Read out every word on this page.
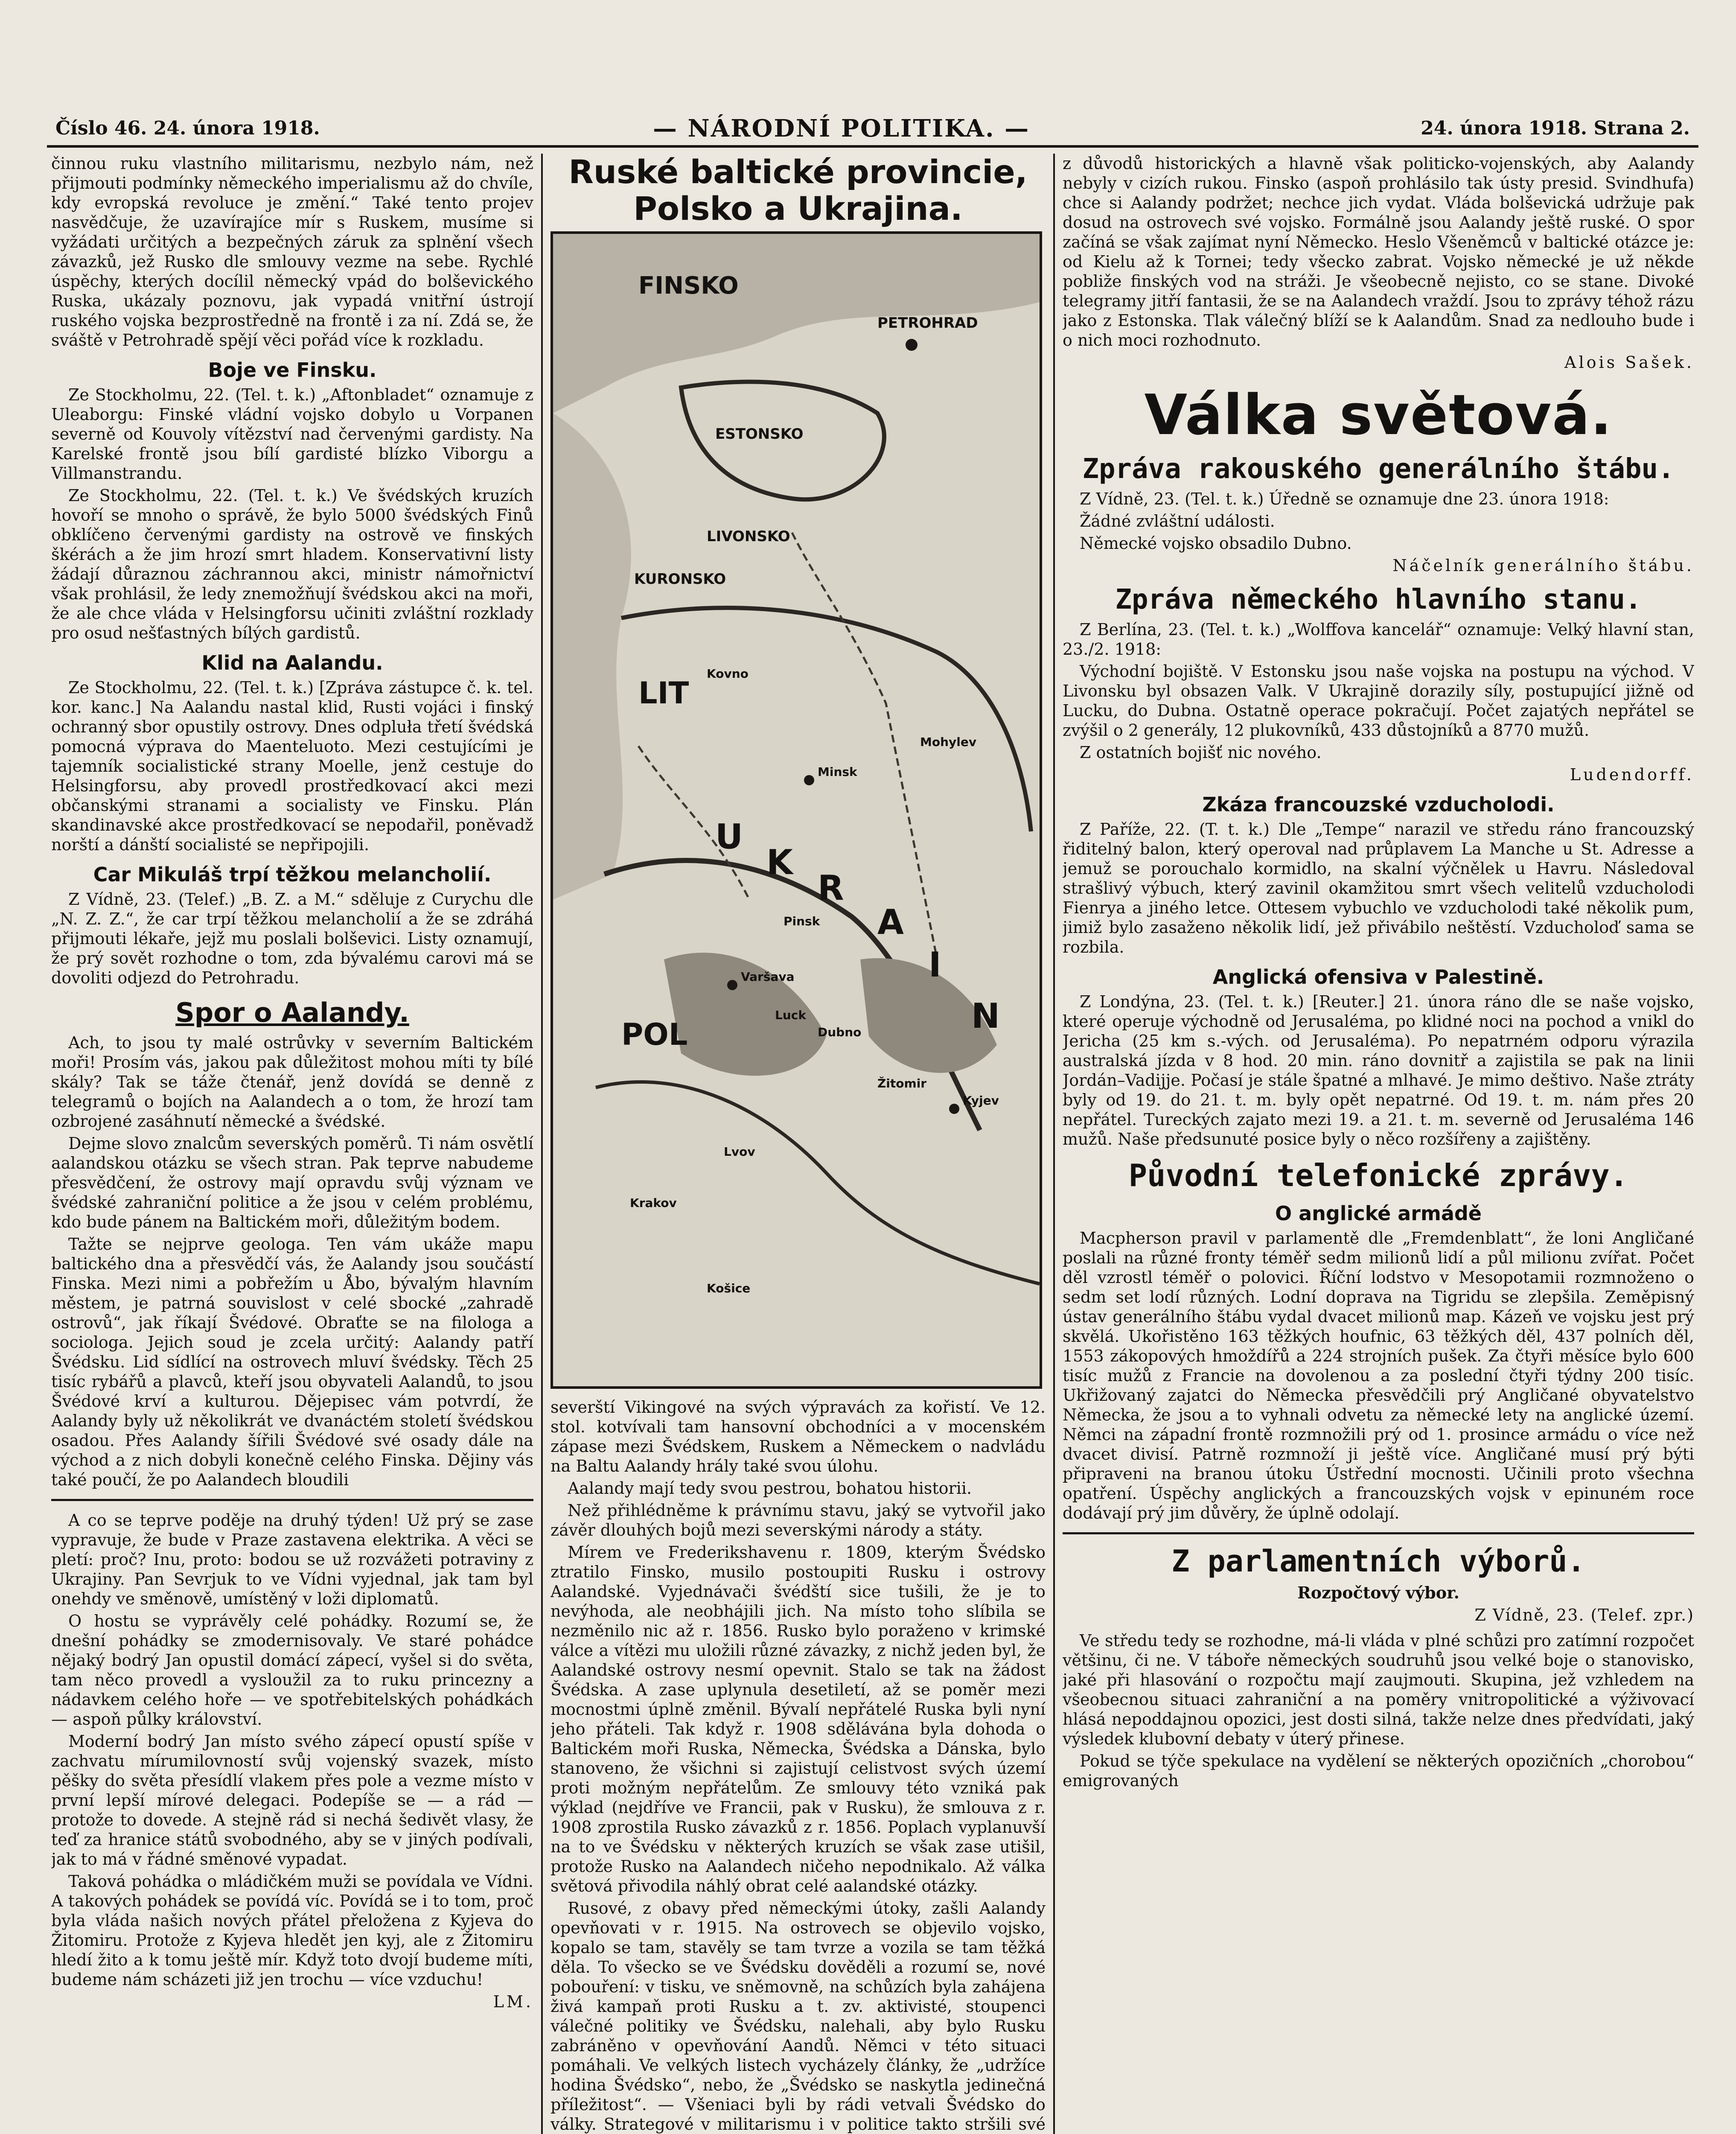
Číslo 46. 24. února 1918.	— NÁRODNÍ POLITIKA. —	24. února 1918. Strana 2.

činnou ruku vlastního militarismu, nezbylo nám, než přijmouti podmínky německého imperialismu až do chvíle, kdy evropská revoluce je změní.“ Také tento projev nasvědčuje, že uzavírajíce mír s Ruskem, musíme si vyžádati určitých a bezpečných záruk za splnění všech závazků, jež Rusko dle smlouvy vezme na sebe. Rychlé úspěchy, kterých docílil německý vpád do bolševického Ruska, ukázaly poznovu, jak vypadá vnitřní ústrojí ruského vojska bezprostředně na frontě i za ní. Zdá se, že sváště v Petrohradě spějí věci pořád více k rozkladu.

Boje ve Finsku.

Ze Stockholmu, 22. (Tel. t. k.) „Aftonbladet“ oznamuje z Uleaborgu: Finské vládní vojsko dobylo u Vorpanen severně od Kouvoly vítězství nad červenými gardisty. Na Karelské frontě jsou bílí gardisté blízko Viborgu a Villmanstrandu.

Ze Stockholmu, 22. (Tel. t. k.) Ve švédských kruzích hovoří se mnoho o správě, že bylo 5000 švédských Finů obklíčeno červenými gardisty na ostrově ve finských škérách a že jim hrozí smrt hladem. Konservativní listy žádají důraznou záchrannou akci, ministr námořnictví však prohlásil, že ledy znemožňují švédskou akci na moři, že ale chce vláda v Helsingforsu učiniti zvláštní rozklady pro osud nešťastných bílých gardistů.

Klid na Aalandu.

Ze Stockholmu, 22. (Tel. t. k.) [Zpráva zástupce č. k. tel. kor. kanc.] Na Aalandu nastal klid, Rusti vojáci i finský ochranný sbor opustily ostrovy. Dnes odpluła třetí švédská pomocná výprava do Maenteluoto. Mezi cestujícími je tajemník socialistické strany Moelle, jenž cestuje do Helsingforsu, aby provedl prostředkovací akci mezi občanskými stranami a socialisty ve Finsku. Plán skandinavské akce prostředkovací se nepodařil, poněvadž norští a dánští socialisté se nepřipojili.

Car Mikuláš trpí těžkou melancholií.

Z Vídně, 23. (Telef.) „B. Z. a M.“ sděluje z Curychu dle „N. Z. Z.“, že car trpí těžkou melancholií a že se zdráhá přijmouti lékaře, jejž mu poslali bolševici. Listy oznamují, že prý sovět rozhodne o tom, zda bývalému carovi má se dovoliti odjezd do Petrohradu.

Spor o Aalandy.

Ach, to jsou ty malé ostrůvky v severním Baltickém moři! Prosím vás, jakou pak důležitost mohou míti ty bílé skály? Tak se táže čtenář, jenž dovídá se denně z telegramů o bojích na Aalandech a o tom, že hrozí tam ozbrojené zasáhnutí německé a švédské.

Dejme slovo znalcům severských poměrů. Ti nám osvětlí aalandskou otázku se všech stran. Pak teprve nabudeme přesvědčení, že ostrovy mají opravdu svůj význam ve švédské zahraniční politice a že jsou v celém problému, kdo bude pánem na Baltickém moři, důležitým bodem.

Tažte se nejprve geologa. Ten vám ukáže mapu baltického dna a přesvědčí vás, že Aalandy jsou součástí Finska. Mezi nimi a pobřežím u Åbo, bývalým hlavním městem, je patrná souvislost v celé sbocké „zahradě ostrovů“, jak říkají Švédové. Obraťte se na filologa a sociologa. Jejich soud je zcela určitý: Aalandy patří Švédsku. Lid sídlící na ostrovech mluví švédsky. Těch 25 tisíc rybářů a plavců, kteří jsou obyvateli Aalandů, to jsou Švédové krví a kulturou. Dějepisec vám potvrdí, že Aalandy byly už několikrát ve dvanáctém století švédskou osadou. Přes Aalandy šířili Švédové své osady dále na východ a z nich dobyli konečně celého Finska. Dějiny vás také poučí, že po Aalandech bloudili

A co se teprve poděje na druhý týden! Už prý se zase vypravuje, že bude v Praze zastavena elektrika. A věci se pletí: proč? Inu, proto: bodou se už rozvážeti potraviny z Ukrajiny. Pan Sevrjuk to ve Vídni vyjednal, jak tam byl onehdy ve směnově, umístěný v loži diplomatů.

O hostu se vyprávěly celé pohádky. Rozumí se, že dnešní pohádky se zmodernisovaly. Ve staré pohádce nějaký bodrý Jan opustil domácí zápecí, vyšel si do světa, tam něco provedl a vysloužil za to ruku princezny a nádavkem celého hoře — ve spotřebitelských pohádkách — aspoň půlky království.

Moderní bodrý Jan místo svého zápecí opustí spíše v zachvatu mírumilovností svůj vojenský svazek, místo pěšky do světa přesídlí vlakem přes pole a vezme místo v první lepší mírové delegaci. Podepíše se — a rád — protože to dovede. A stejně rád si nechá šedivět vlasy, že teď za hranice států svobodného, aby se v jiných podívali, jak to má v řádné směnové vypadat.

Taková pohádka o mládičkém muži se povídala ve Vídni. A takových pohádek se povídá víc. Povídá se i to tom, proč byla vláda našich nových přátel přeložena z Kyjeva do Žitomiru. Protože z Kyjeva hledět jen kyj, ale z Žitomiru hledí žito a k tomu ještě mír. Když toto dvojí budeme míti, budeme nám scházeti již jen trochu — více vzduchu!

LM.
Ruské baltické provincie,
Polsko a Ukrajina.
FINSKO
PETROHRAD
ESTONSKO
LIVONSKO
KURONSKO
LIT
POL
U
K
R
A
I
N
Kovno
Minsk
Pinsk
Mohylev
Žitomir
Kyjev
Varšava
Lvov
Krakov
Košice
Dubno
Luck

severští Vikingové na svých výpravách za kořistí. Ve 12. stol. kotvívali tam hansovní obchodníci a v mocenském zápase mezi Švédskem, Ruskem a Německem o nadvládu na Baltu Aalandy hrály také svou úlohu.

Aalandy mají tedy svou pestrou, bohatou historii.

Než přihlédněme k právnímu stavu, jaký se vytvořil jako závěr dlouhých bojů mezi severskými národy a státy.

Mírem ve Frederikshavenu r. 1809, kterým Švédsko ztratilo Finsko, musilo postoupiti Rusku i ostrovy Aalandské. Vyjednávači švédští sice tušili, že je to nevýhoda, ale neobhájili jich. Na místo toho slíbila se nezměnilo nic až r. 1856. Rusko bylo poraženo v krimské válce a vítězi mu uložili různé závazky, z nichž jeden byl, že Aalandské ostrovy nesmí opevnit. Stalo se tak na žádost Švédska. A zase uplynula desetiletí, až se poměr mezi mocnostmi úplně změnil. Bývalí nepřátelé Ruska byli nyní jeho přáteli. Tak když r. 1908 sdělávána byla dohoda o Baltickém moři Ruska, Německa, Švédska a Dánska, bylo stanoveno, že všichni si zajistují celistvost svých území proti možným nepřátelům. Ze smlouvy této vzniká pak výklad (nejdříve ve Francii, pak v Rusku), že smlouva z r. 1908 zprostila Rusko závazků z r. 1856. Poplach vyplanuvší na to ve Švédsku v některých kruzích se však zase utišil, protože Rusko na Aalandech ničeho nepodnikalo. Až válka světová přivodila náhlý obrat celé aalandské otázky.

Rusové, z obavy před německými útoky, zašli Aalandy opevňovati v r. 1915. Na ostrovech se objevilo vojsko, kopalo se tam, stavěly se tam tvrze a vozila se tam těžká děla. To všecko se ve Švédsku dověděli a rozumí se, nové pobouření: v tisku, ve sněmovně, na schůzích byla zahájena živá kampaň proti Rusku a t. zv. aktivisté, stoupenci válečné politiky ve Švédsku, nalehali, aby bylo Rusku zabráněno v opevňování Aandů. Němci v této situaci pomáhali. Ve velkých listech vycházely články, že „udržíce hodina Švédsko“, nebo, že „Švédsko se naskytla jedinečná příležitost“. — Všeniaci byli by rádi vetvali Švédsko do války. Strategové v militarismu i v politice takto stršili své

z důvodů historických a hlavně však politicko-vojenských, aby Aalandy nebyly v cizích rukou. Finsko (aspoň prohlásilo tak ústy presid. Svindhufa) chce si Aalandy podržet; nechce jich vydat. Vláda bolševická udržuje pak dosud na ostrovech své vojsko. Formálně jsou Aalandy ještě ruské. O spor začíná se však zajímat nyní Německo. Heslo Všeněmců v baltické otázce je: od Kielu až k Tornei; tedy všecko zabrat. Vojsko německé je už někde pobliže finských vod na stráži. Je všeobecně nejisto, co se stane. Divoké telegramy jitří fantasii, že se na Aalandech vraždí. Jsou to zprávy téhož rázu jako z Estonska. Tlak válečný blíží se k Aalandům. Snad za nedlouho bude i o nich moci rozhodnuto.

Alois Sašek.
Válka světová.
Zpráva rakouského generálního štábu.

Z Vídně, 23. (Tel. t. k.) Úředně se oznamuje dne 23. února 1918:

Žádné zvláštní události.

Německé vojsko obsadilo Dubno.

Náčelník generálního štábu.
Zpráva německého hlavního stanu.

Z Berlína, 23. (Tel. t. k.) „Wolffova kancelář“ oznamuje: Velký hlavní stan, 23./2. 1918:

Východní bojiště. V Estonsku jsou naše vojska na postupu na východ. V Livonsku byl obsazen Valk. V Ukrajině dorazily síly, postupující jižně od Lucku, do Dubna. Ostatně operace pokračují. Počet zajatých nepřátel se zvýšil o 2 generály, 12 plukovníků, 433 důstojníků a 8770 mužů.

Z ostatních bojišť nic nového.

Ludendorff.
Zkáza francouzské vzducholodi.

Z Paříže, 22. (T. t. k.) Dle „Tempe“ narazil ve středu ráno francouzský řiditelný balon, který operoval nad průplavem La Manche u St. Adresse a jemuž se porouchalo kormidlo, na skalní výčnělek u Havru. Následoval strašlivý výbuch, který zavinil okamžitou smrt všech velitelů vzducholodi Fienrya a jiného letce. Ottesem vybuchlo ve vzducholodi také několik pum, jimiž bylo zasaženo několik lidí, jež přivábilo neštěstí. Vzducholoď sama se rozbila.

Anglická ofensiva v Palestině.

Z Londýna, 23. (Tel. t. k.) [Reuter.] 21. února ráno dle se naše vojsko, které operuje východně od Jerusaléma, po klidné noci na pochod a vnikl do Jericha (25 km s.-vých. od Jerusaléma). Po nepatrném odporu výrazila australská jízda v 8 hod. 20 min. ráno dovnitř a zajistila se pak na linii Jordán–Vadijje. Počasí je stále špatné a mlhavé. Je mimo deštivo. Naše ztráty byly od 19. do 21. t. m. byly opět nepatrné. Od 19. t. m. nám přes 20 nepřátel. Tureckých zajato mezi 19. a 21. t. m. severně od Jerusaléma 146 mužů. Naše předsunuté posice byly o něco rozšířeny a zajištěny.

Původní telefonické zprávy.
O anglické armádě

Macpherson pravil v parlamentě dle „Fremdenblatt“, že loni Angličané poslali na různé fronty téměř sedm milionů lidí a půl milionu zvířat. Počet děl vzrostl téměř o polovici. Říční lodstvo v Mesopotamii rozmnoženo o sedm set lodí různých. Lodní doprava na Tigridu se zlepšila. Zeměpisný ústav generálního štábu vydal dvacet milionů map. Kázeň ve vojsku jest prý skvělá. Ukořistěno 163 těžkých houfnic, 63 těžkých děl, 437 polních děl, 1553 zákopových hmoždířů a 224 strojních pušek. Za čtyři měsíce bylo 600 tisíc mužů z Francie na dovolenou a za poslední čtyři týdny 200 tisíc. Ukřižovaný zajatci do Německa přesvědčili prý Angličané obyvatelstvo Německa, že jsou a to vyhnali odvetu za německé lety na anglické území. Němci na západní frontě rozmnožili prý od 1. prosince armádu o více než dvacet divisí. Patrně rozmnoží ji ještě více. Angličané musí prý býti připraveni na branou útoku Ústřední mocnosti. Učinili proto všechna opatření. Úspěchy anglických a francouzských vojsk v epinuném roce dodávají prý jim důvěry, že úplně odolají.

Z parlamentních výborů.
Rozpočtový výbor.

Z Vídně, 23. (Telef. zpr.)

Ve středu tedy se rozhodne, má-li vláda v plné schůzi pro zatímní rozpočet většinu, či ne. V táboře německých soudruhů jsou velké boje o stanovisko, jaké při hlasování o rozpočtu mají zaujmouti. Skupina, jež vzhledem na všeobecnou situaci zahraniční a na poměry vnitropolitické a výživovací hlásá nepoddajnou opozici, jest dosti silná, takže nelze dnes předvídati, jaký výsledek klubovní debaty v úterý přinese.

Pokud se týče spekulace na vydělení se některých opozičních „chorobou“ emigrovaných
